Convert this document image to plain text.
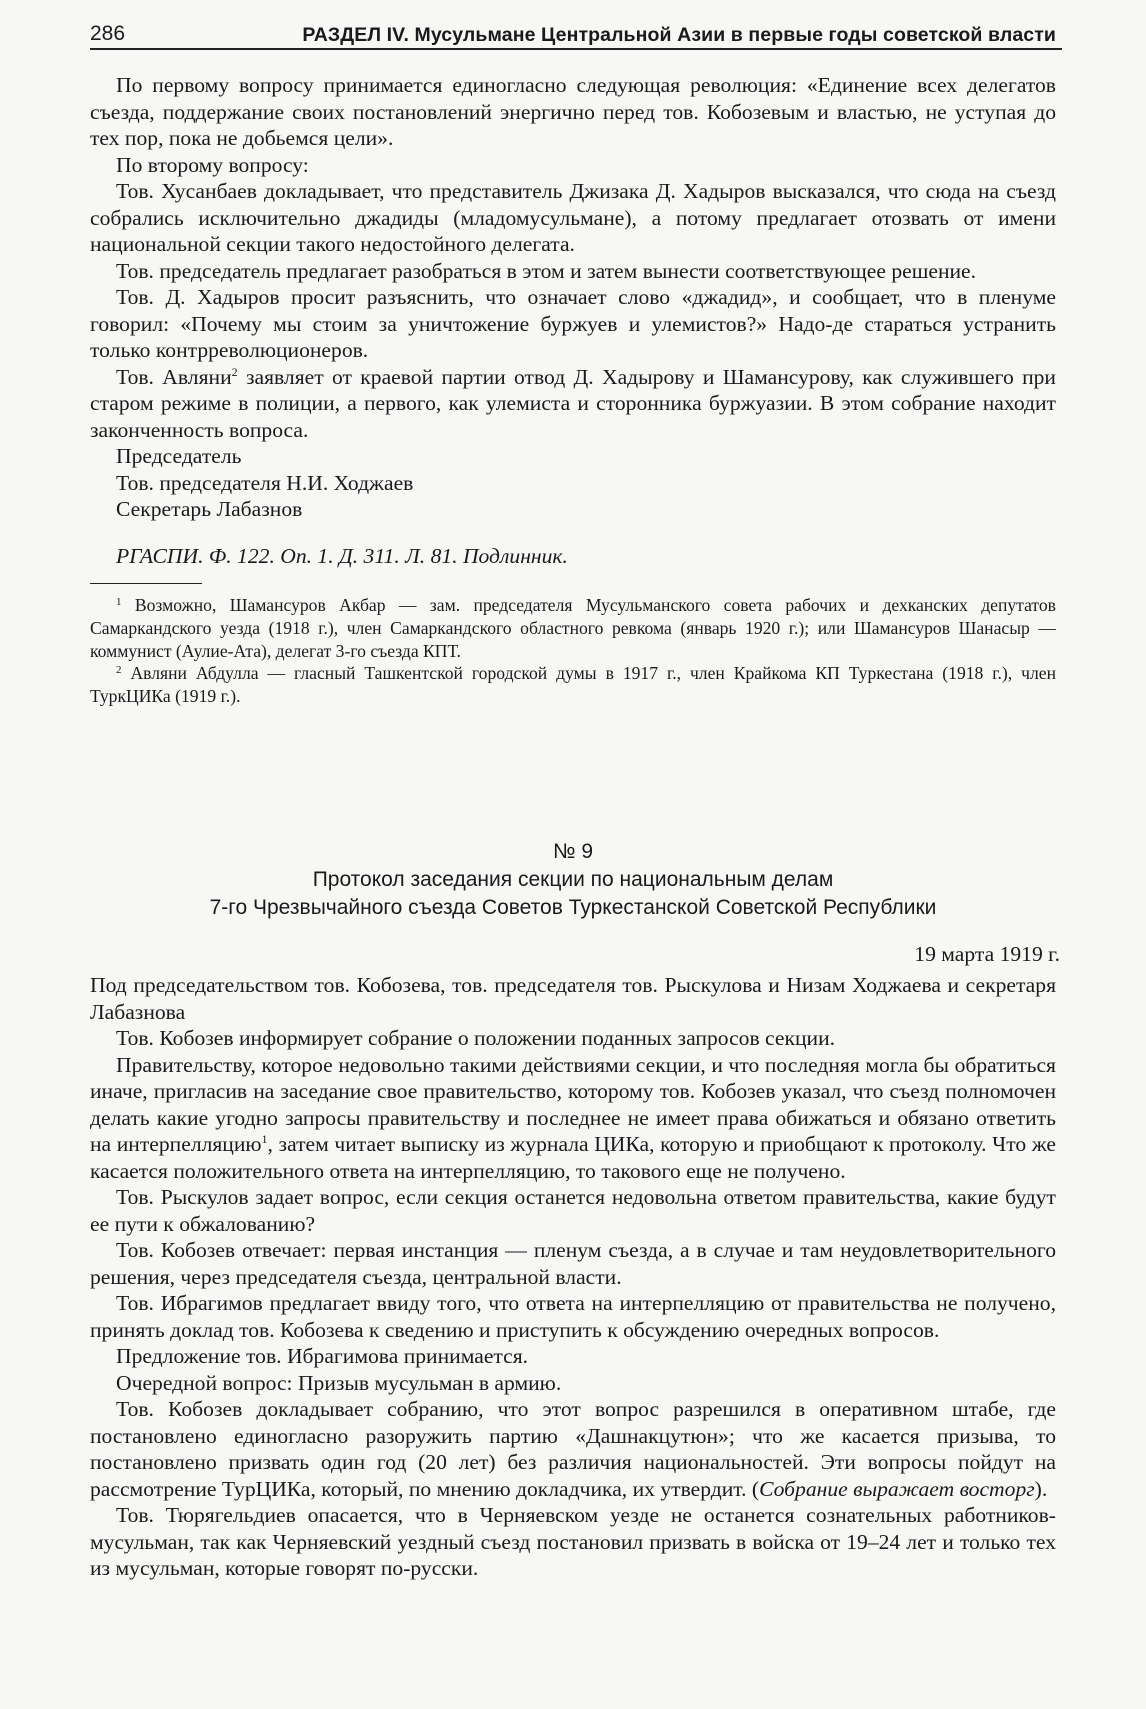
286	РАЗДЕЛ IV. Мусульмане Центральной Азии в первые годы советской власти

По первому вопросу принимается единогласно следующая революция: «Единение всех делегатов съезда, поддержание своих постановлений энергично перед тов. Кобозевым и властью, не уступая до тех пор, пока не добьемся цели».

По второму вопросу:

Тов. Хусанбаев докладывает, что представитель Джизака Д. Хадыров высказался, что сюда на съезд собрались исключительно джадиды (младомусульмане), а потому предлагает отозвать от имени национальной секции такого недостойного делегата.

Тов. председатель предлагает разобраться в этом и затем вынести соответствующее решение.

Тов. Д. Хадыров просит разъяснить, что означает слово «джадид», и сообщает, что в пленуме говорил: «Почему мы стоим за уничтожение буржуев и улемистов?» Надо-де стараться устранить только контрреволюционеров.

Тов. Авляни$^2$ заявляет от краевой партии отвод Д. Хадырову и Шамансурову, как служившего при старом режиме в полиции, а первого, как улемиста и сторонника буржуазии. В этом собрание находит законченность вопроса.

Председатель

Тов. председателя Н.И. Ходжаев

Секретарь Лабазнов

РГАСПИ. Ф. 122. Оп. 1. Д. 311. Л. 81. Подлинник.

$^1$ Возможно, Шамансуров Акбар — зам. председателя Мусульманского совета рабочих и дехканских депутатов Самаркандского уезда (1918 г.), член Самаркандского областного ревкома (январь 1920 г.); или Шамансуров Шанасыр — коммунист (Аулие-Ата), делегат 3-го съезда КПТ.

$^2$ Авляни Абдулла — гласный Ташкентской городской думы в 1917 г., член Крайкома КП Туркестана (1918 г.), член ТуркЦИКа (1919 г.).

№ 9
Протокол заседания секции по национальным делам
7-го Чрезвычайного съезда Советов Туркестанской Советской Республики
19 марта 1919 г.

Под председательством тов. Кобозева, тов. председателя тов. Рыскулова и Низам Ходжаева и секретаря Лабазнова

Тов. Кобозев информирует собрание о положении поданных запросов секции.

Правительству, которое недовольно такими действиями секции, и что последняя могла бы обратиться иначе, пригласив на заседание свое правительство, которому тов. Кобозев указал, что съезд полномочен делать какие угодно запросы правительству и последнее не имеет права обижаться и обязано ответить на интерпелляцию$^1$, затем читает выписку из журнала ЦИКа, которую и приобщают к протоколу. Что же касается положительного ответа на интерпелляцию, то такового еще не получено.

Тов. Рыскулов задает вопрос, если секция останется недовольна ответом правительства, какие будут ее пути к обжалованию?

Тов. Кобозев отвечает: первая инстанция — пленум съезда, а в случае и там неудовлетворительного решения, через председателя съезда, центральной власти.

Тов. Ибрагимов предлагает ввиду того, что ответа на интерпелляцию от правительства не получено, принять доклад тов. Кобозева к сведению и приступить к обсуждению очередных вопросов.

Предложение тов. Ибрагимова принимается.

Очередной вопрос: Призыв мусульман в армию.

Тов. Кобозев докладывает собранию, что этот вопрос разрешился в оперативном штабе, где постановлено единогласно разоружить партию «Дашнакцутюн»; что же касается призыва, то постановлено призвать один год (20 лет) без различия национальностей. Эти вопросы пойдут на рассмотрение ТурЦИКа, который, по мнению докладчика, их утвердит. (Собрание выражает восторг).

Тов. Тюрягельдиев опасается, что в Черняевском уезде не останется сознательных работников-мусульман, так как Черняевский уездный съезд постановил призвать в войска от 19–24 лет и только тех из мусульман, которые говорят по-русски.
